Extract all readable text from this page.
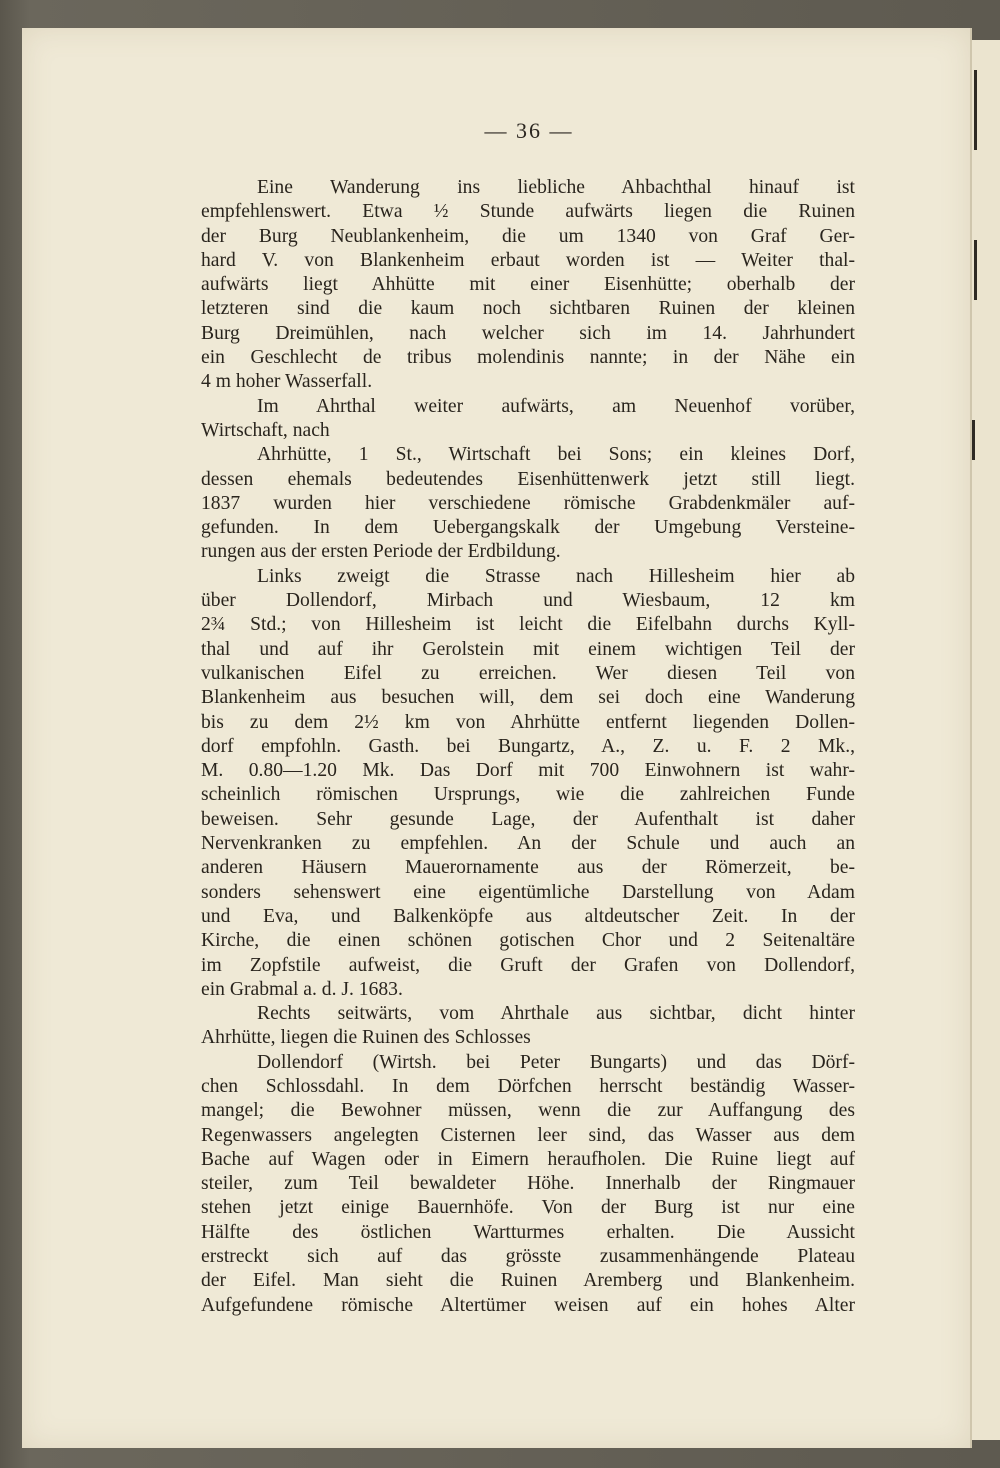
— 36 —
Eine Wanderung ins liebliche Ahbachthal hinauf ist
empfehlenswert. Etwa ½ Stunde aufwärts liegen die Ruinen
der Burg Neublankenheim, die um 1340 von Graf Ger-
hard V. von Blankenheim erbaut worden ist — Weiter thal-
aufwärts liegt Ahhütte mit einer Eisenhütte; oberhalb der
letzteren sind die kaum noch sichtbaren Ruinen der kleinen
Burg Dreimühlen, nach welcher sich im 14. Jahrhundert
ein Geschlecht de tribus molendinis nannte; in der Nähe ein
4 m hoher Wasserfall.
Im Ahrthal weiter aufwärts, am Neuenhof vorüber,
Wirtschaft, nach
Ahrhütte, 1 St., Wirtschaft bei Sons; ein kleines Dorf,
dessen ehemals bedeutendes Eisenhüttenwerk jetzt still liegt.
1837 wurden hier verschiedene römische Grabdenkmäler auf-
gefunden. In dem Uebergangskalk der Umgebung Versteine-
rungen aus der ersten Periode der Erdbildung.
Links zweigt die Strasse nach Hillesheim hier ab
über Dollendorf, Mirbach und Wiesbaum, 12 km
2¾ Std.; von Hillesheim ist leicht die Eifelbahn durchs Kyll-
thal und auf ihr Gerolstein mit einem wichtigen Teil der
vulkanischen Eifel zu erreichen. Wer diesen Teil von
Blankenheim aus besuchen will, dem sei doch eine Wanderung
bis zu dem 2½ km von Ahrhütte entfernt liegenden Dollen-
dorf empfohln. Gasth. bei Bungartz, A., Z. u. F. 2 Mk.,
M. 0.80—1.20 Mk. Das Dorf mit 700 Einwohnern ist wahr-
scheinlich römischen Ursprungs, wie die zahlreichen Funde
beweisen. Sehr gesunde Lage, der Aufenthalt ist daher
Nervenkranken zu empfehlen. An der Schule und auch an
anderen Häusern Mauerornamente aus der Römerzeit, be-
sonders sehenswert eine eigentümliche Darstellung von Adam
und Eva, und Balkenköpfe aus altdeutscher Zeit. In der
Kirche, die einen schönen gotischen Chor und 2 Seitenaltäre
im Zopfstile aufweist, die Gruft der Grafen von Dollendorf,
ein Grabmal a. d. J. 1683.
Rechts seitwärts, vom Ahrthale aus sichtbar, dicht hinter
Ahrhütte, liegen die Ruinen des Schlosses
Dollendorf (Wirtsh. bei Peter Bungarts) und das Dörf-
chen Schlossdahl. In dem Dörfchen herrscht beständig Wasser-
mangel; die Bewohner müssen, wenn die zur Auffangung des
Regenwassers angelegten Cisternen leer sind, das Wasser aus dem
Bache auf Wagen oder in Eimern heraufholen. Die Ruine liegt auf
steiler, zum Teil bewaldeter Höhe. Innerhalb der Ringmauer
stehen jetzt einige Bauernhöfe. Von der Burg ist nur eine
Hälfte des östlichen Wartturmes erhalten. Die Aussicht
erstreckt sich auf das grösste zusammenhängende Plateau
der Eifel. Man sieht die Ruinen Aremberg und Blankenheim.
Aufgefundene römische Altertümer weisen auf ein hohes Alter
